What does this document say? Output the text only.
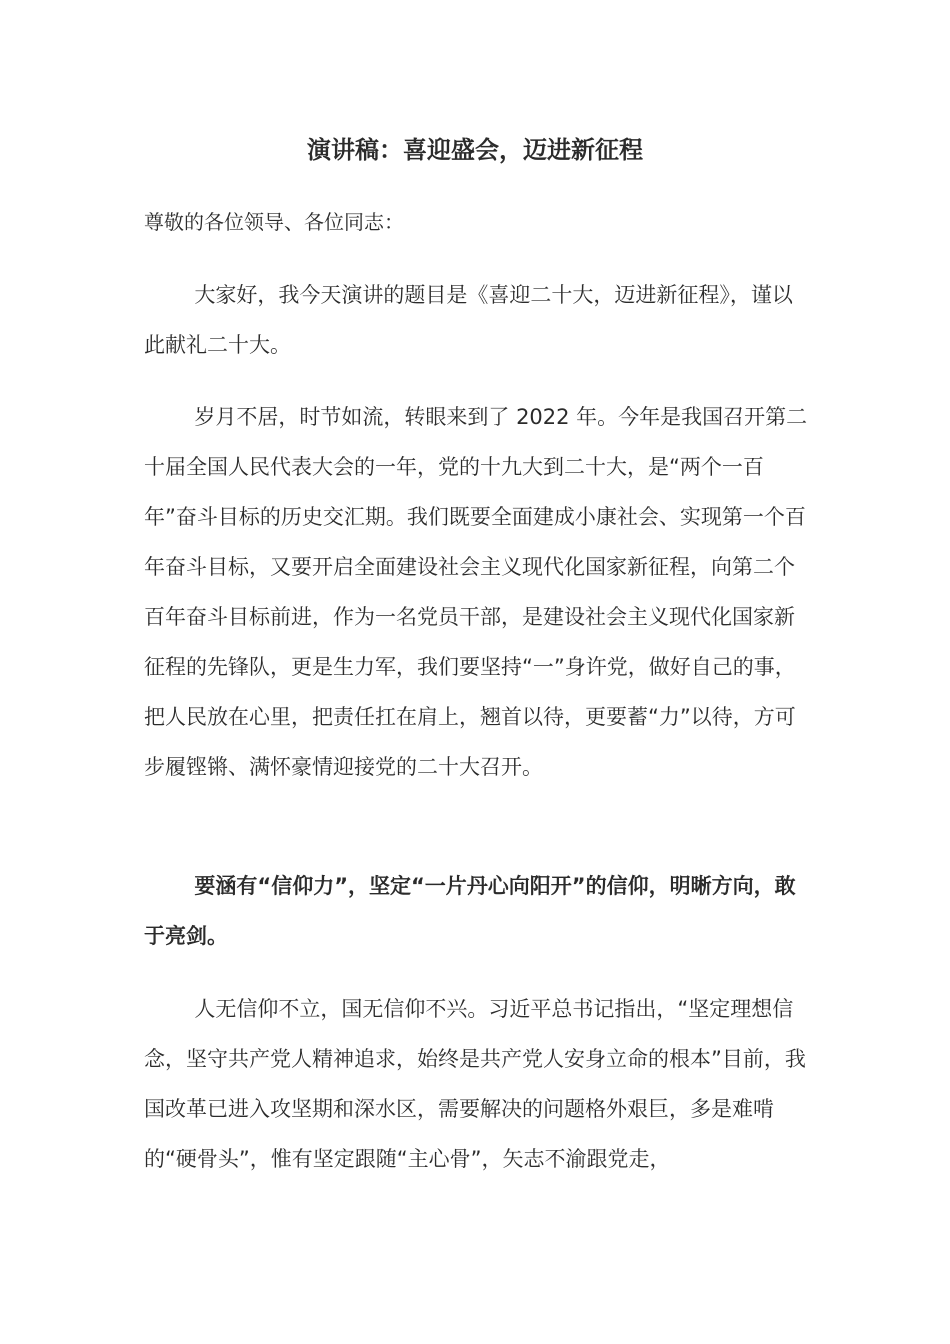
演讲稿：喜迎盛会，迈进新征程
尊敬的各位领导、各位同志：

大家好，我今天演讲的题目是《喜迎二十大，迈进新征程》，谨以此献礼二十大。

岁月不居，时节如流，转眼来到了 2022 年。今年是我国召开第二十届全国人民代表大会的一年，党的十九大到二十大，是“两个一百年”奋斗目标的历史交汇期。我们既要全面建成小康社会、实现第一个百年奋斗目标，又要开启全面建设社会主义现代化国家新征程，向第二个百年奋斗目标前进，作为一名党员干部，是建设社会主义现代化国家新征程的先锋队，更是生力军，我们要坚持“一”身许党，做好自己的事，把人民放在心里，把责任扛在肩上，翘首以待，更要蓄“力”以待，方可步履铿锵、满怀豪情迎接党的二十大召开。

要涵有“信仰力”，坚定“一片丹心向阳开”的信仰，明晰方向，敢于亮剑。

人无信仰不立，国无信仰不兴。习近平总书记指出，“坚定理想信念，坚守共产党人精神追求，始终是共产党人安身立命的根本”目前，我国改革已进入攻坚期和深水区，需要解决的问题格外艰巨，多是难啃的“硬骨头”，惟有坚定跟随“主心骨”，矢志不渝跟党走，
